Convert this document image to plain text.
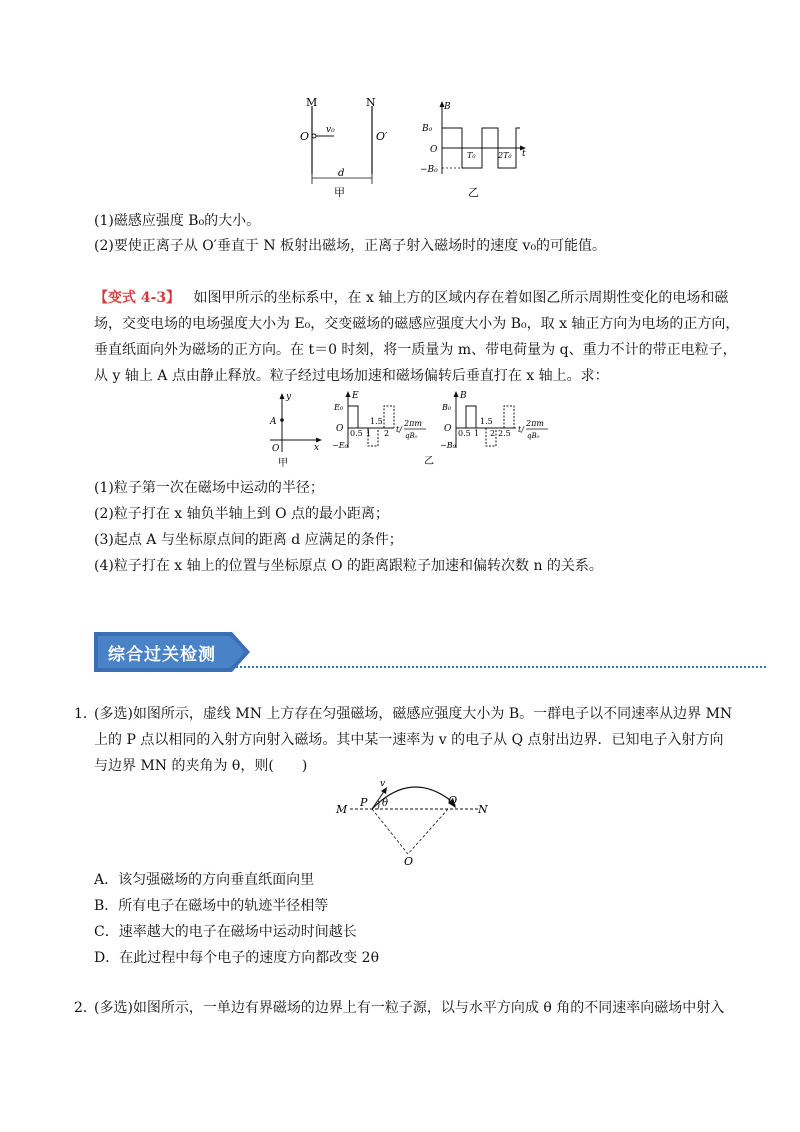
M	N
O	O′
v₀
d
甲
B₀
B
O
−B₀
T₀	2T₀ t
乙
(1)磁感应强度 B₀的大小。
(2)要使正离子从 O′垂直于 N 板射出磁场，正离子射入磁场时的速度 v₀的可能值。
【变式 4-3】 如图甲所示的坐标系中，在 x 轴上方的区域内存在着如图乙所示周期性变化的电场和磁
场，交变电场的电场强度大小为 E₀，交变磁场的磁感应强度大小为 B₀，取 x 轴正方向为电场的正方向，
垂直纸面向外为磁场的正方向。在 t＝0 时刻，将一质量为 m、带电荷量为 q、重力不计的带正电粒子，
从 y 轴上 A 点由静止释放。粒子经过电场加速和磁场偏转后垂直打在 x 轴上。求：
y
A
O	x
甲
E
E₀
O
−E₀
0.5 1
1.5
2 t/
2πm
qB₀
乙
B
B₀
O
−B₀
0.5 1
1.5
2 2.5 t/
2πm
qB₀
(1)粒子第一次在磁场中运动的半径；
(2)粒子打在 x 轴负半轴上到 O 点的最小距离；
(3)起点 A 与坐标原点间的距离 d 应满足的条件；
(4)粒子打在 x 轴上的位置与坐标原点 O 的距离跟粒子加速和偏转次数 n 的关系。
综合过关检测
1．
(多选)如图所示，虚线 MN 上方存在匀强磁场，磁感应强度大小为 B。一群电子以不同速率从边界 MN
上的 P 点以相同的入射方向射入磁场。其中某一速率为 v 的电子从 Q 点射出边界．已知电子入射方向
与边界 MN 的夹角为 θ，则(　　)
M
P
v
θ	Q
N
O
A．该匀强磁场的方向垂直纸面向里
B．所有电子在磁场中的轨迹半径相等
C．速率越大的电子在磁场中运动时间越长
D．在此过程中每个电子的速度方向都改变 2θ
2．
(多选)如图所示，一单边有界磁场的边界上有一粒子源，以与水平方向成 θ 角的不同速率向磁场中射入
